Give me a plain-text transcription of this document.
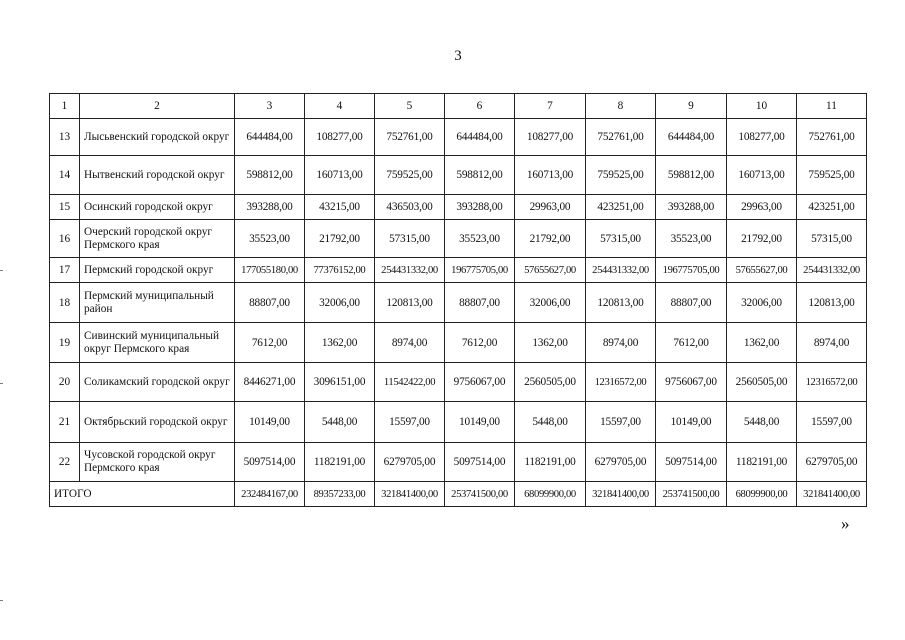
3
1	2	3	4	5	6	7	8	9	10	11
13	Лысьвенский городской округ	644484,00	108277,00	752761,00	644484,00	108277,00	752761,00	644484,00	108277,00	752761,00
14	Нытвенский городской округ	598812,00	160713,00	759525,00	598812,00	160713,00	759525,00	598812,00	160713,00	759525,00
15	Осинский городской округ	393288,00	43215,00	436503,00	393288,00	29963,00	423251,00	393288,00	29963,00	423251,00
16	Очерский городской округ Пермского края	35523,00	21792,00	57315,00	35523,00	21792,00	57315,00	35523,00	21792,00	57315,00
17	Пермский городской округ	177055180,00	77376152,00	254431332,00	196775705,00	57655627,00	254431332,00	196775705,00	57655627,00	254431332,00
18	Пермский муниципальный район	88807,00	32006,00	120813,00	88807,00	32006,00	120813,00	88807,00	32006,00	120813,00
19	Сивинский муниципальный округ Пермского края	7612,00	1362,00	8974,00	7612,00	1362,00	8974,00	7612,00	1362,00	8974,00
20	Соликамский городской округ	8446271,00	3096151,00	11542422,00	9756067,00	2560505,00	12316572,00	9756067,00	2560505,00	12316572,00
21	Октябрьский городской округ	10149,00	5448,00	15597,00	10149,00	5448,00	15597,00	10149,00	5448,00	15597,00
22	Чусовской городской округ Пермского края	5097514,00	1182191,00	6279705,00	5097514,00	1182191,00	6279705,00	5097514,00	1182191,00	6279705,00
ИТОГО		232484167,00	89357233,00	321841400,00	253741500,00	68099900,00	321841400,00	253741500,00	68099900,00	321841400,00
»
